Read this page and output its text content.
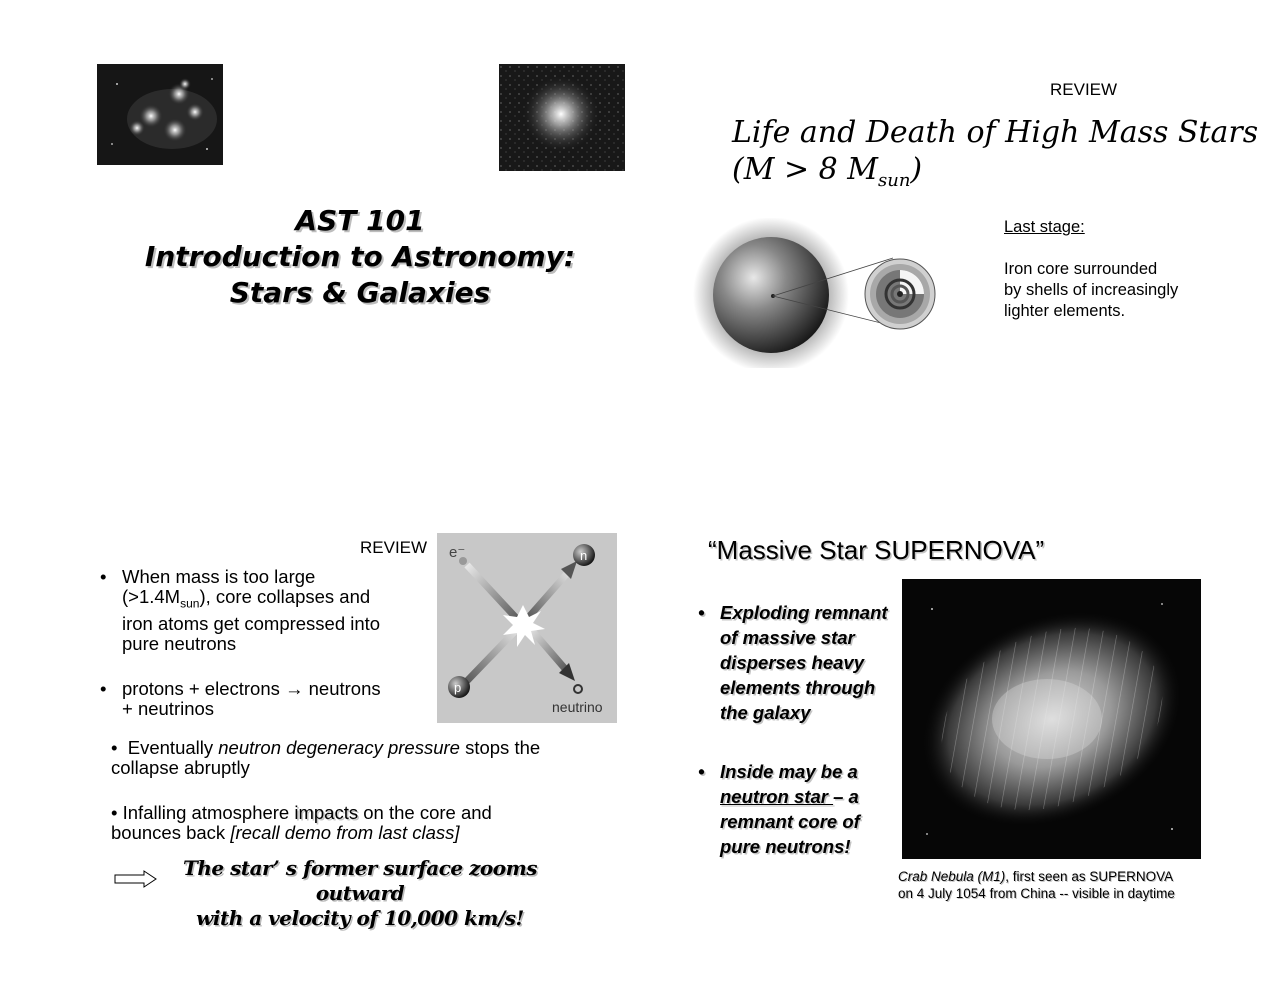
AST 101
Introduction to Astronomy:
Stars & Galaxies
REVIEW
Life and Death of High Mass Stars
(M > 8 $M_{sun}$)
Last stage:
Iron core surrounded
by shells of increasingly
lighter elements.
REVIEW e⁻	n
p
neutrino
• When mass is too large
$(>1.4M_{sun})$, core collapses and
iron atoms get compressed into
pure neutrons
• protons + electrons → neutrons
+ neutrinos
•  Eventually neutron degeneracy pressure stops the
collapse abruptly
• Infalling atmosphere impacts on the core and
bounces back [recall demo from last class]
The star’ s former surface zooms outward
with a velocity of 10,000 km/s!
“Massive Star SUPERNOVA”
• Exploding remnant
of massive star
disperses heavy
elements through
the galaxy
• Inside may be a
neutron star – a
remnant core of
pure neutrons!
Crab Nebula (M1), first seen as SUPERNOVA
on 4 July 1054 from China -- visible in daytime
